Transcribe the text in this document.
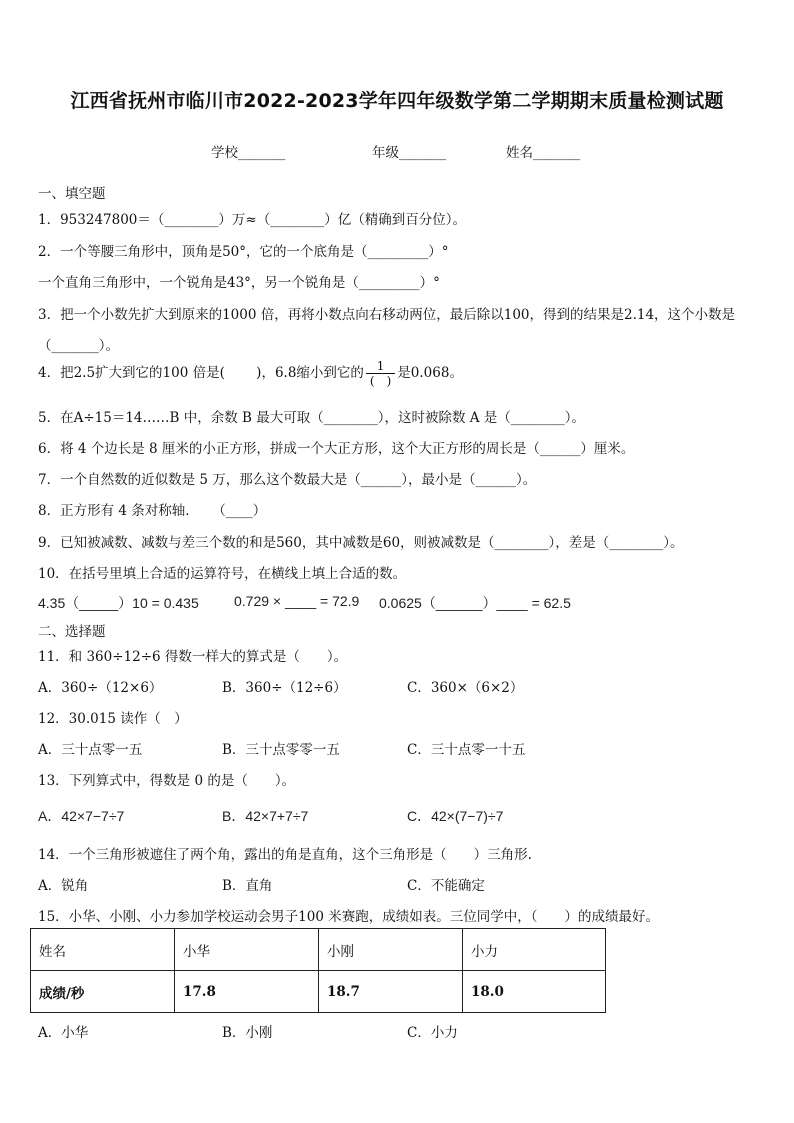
江西省抚州市临川市2022-2023学年四年级数学第二学期期末质量检测试题
学校_______	年级_______	姓名_______
一、填空题
1．953247800＝（________）万≈（________）亿（精确到百分位）。
2．一个等腰三角形中，顶角是50°，它的一个底角是（_________）°
一个直角三角形中，一个锐角是43°，另一个锐角是（_________）°
3．把一个小数先扩大到原来的1000 倍，再将小数点向右移动两位，最后除以100，得到的结果是2.14，这个小数是
（_______）。
4．把2.5扩大到它的100 倍是(　　 )，6.8缩小到它的 $\frac{1}{( )}$ 是0.068。
5．在A÷15＝14……B 中，余数 B 最大可取（________），这时被除数 A 是（________）。
6．将 4 个边长是 8 厘米的小正方形，拼成一个大正方形，这个大正方形的周长是（______）厘米。
7．一个自然数的近似数是 5 万，那么这个数最大是（______），最小是（______）。
8．正方形有 4 条对称轴．　　（____）
9．已知被减数、减数与差三个数的和是560，其中减数是60，则被减数是（________），差是（________）。
10．在括号里填上合适的运算符号，在横线上填上合适的数。
4.35（_____）10 = 0.435	0.729 × ____ = 72.9 0.0625（______）____ = 62.5
二、选择题
11．和 360÷12÷6 得数一样大的算式是（　　）。
A．360÷（12×6）	B．360÷（12÷6）	C．360×（6×2）
12．30.015 读作（　）
A．三十点零一五	B．三十点零零一五	C．三十点零一十五
13．下列算式中，得数是 0 的是（　　）。
A．42×7−7÷7	B．42×7+7÷7	C．42×(7−7)÷7
14．一个三角形被遮住了两个角，露出的角是直角，这个三角形是（　　）三角形.
A．锐角	B．直角	C．不能确定
15．小华、小刚、小力参加学校运动会男子100 米赛跑，成绩如表。三位同学中，（　　）的成绩最好。
姓名	小华	小刚	小力
成绩/秒	17.8	18.7	18.0
A．小华	B．小刚	C．小力
